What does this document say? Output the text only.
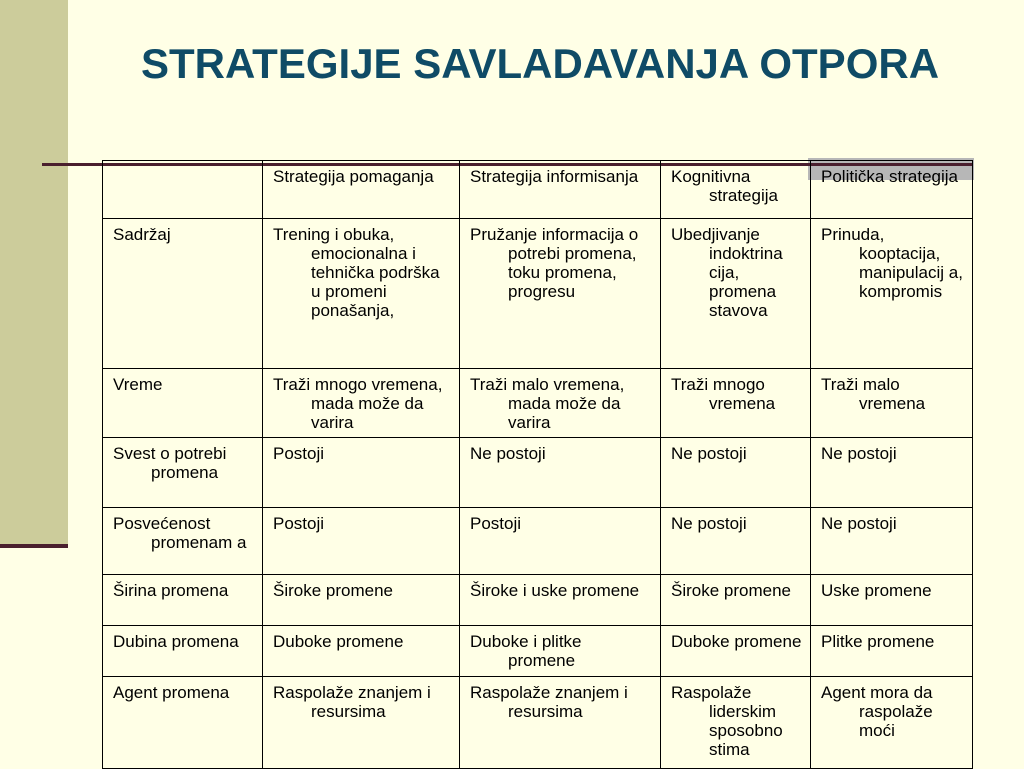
STRATEGIJE SAVLADAVANJA OTPORA

	Strategija pomaganja	Strategija informisanja	Kognitivna strategija	Politička strategija

Sadržaj	Trening i obuka, emocionalna i tehnička podrška u promeni ponašanja,	Pružanje informacija o potrebi promena, toku promena, progresu	Ubedjivanje indoktrina cija, promena stavova	Prinuda, kooptacija, manipulacij a, kompromis

Vreme	Traži mnogo vremena, mada može da varira	Traži malo vremena, mada može da varira	Traži mnogo vremena	Traži malo vremena

Svest o potrebi promena	Postoji	Ne postoji	Ne postoji	Ne postoji

Posvećenost promenam a	Postoji	Postoji	Ne postoji	Ne postoji

Širina promena	Široke promene	Široke i uske promene	Široke promene	Uske promene

Dubina promena	Duboke promene	Duboke i plitke promene	Duboke promene	Plitke promene

Agent promena	Raspolaže znanjem i resursima	Raspolaže znanjem i resursima	Raspolaže liderskim sposobno stima	Agent mora da raspolaže moći
